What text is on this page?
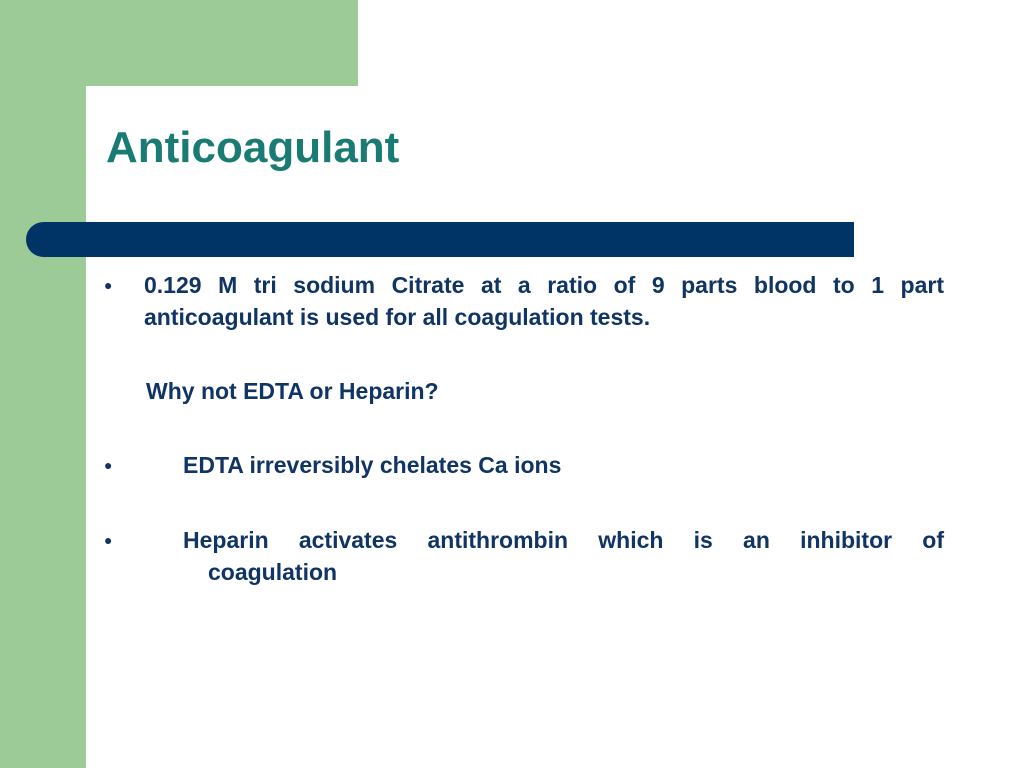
Anticoagulant
● 0.129 M tri sodium Citrate at a ratio of 9 parts blood to 1 part anticoagulant is used for all coagulation tests.
Why not EDTA or Heparin?
●	EDTA irreversibly chelates Ca ions
●	Heparin activates antithrombin which is an inhibitor of
coagulation
